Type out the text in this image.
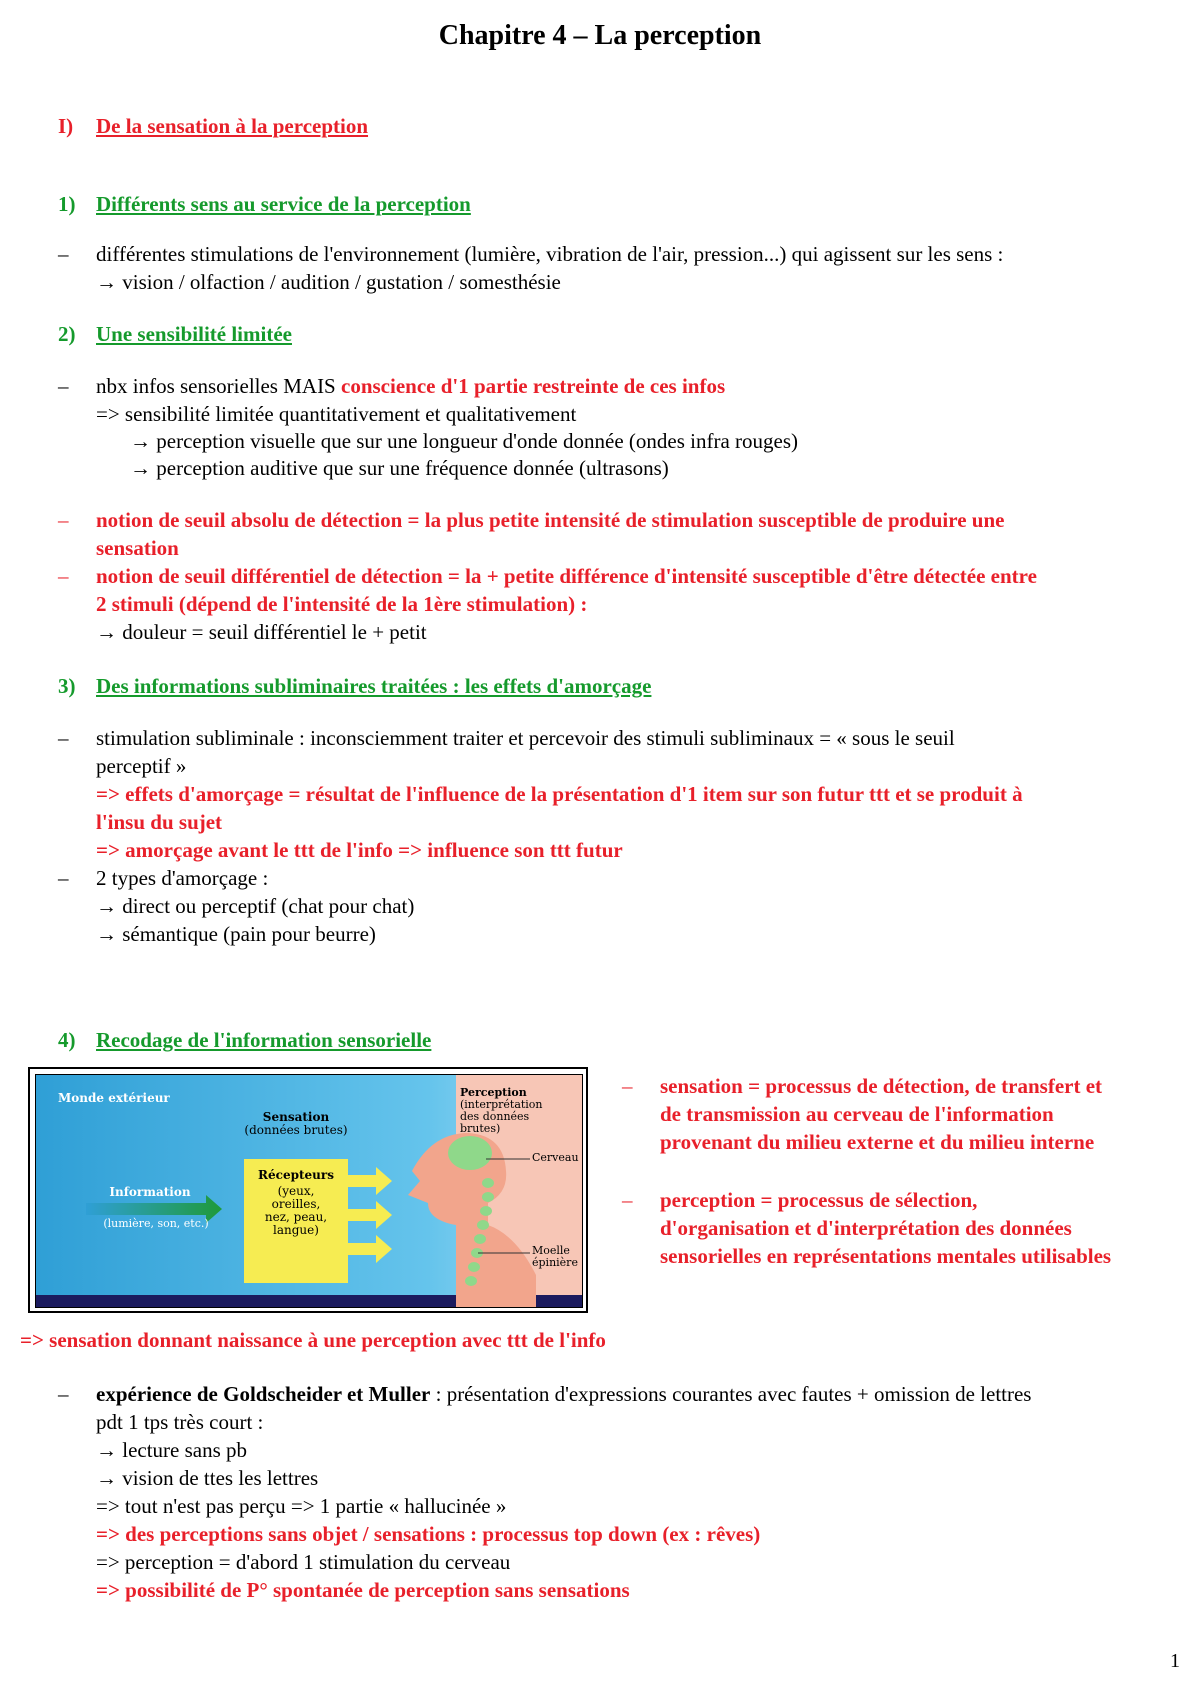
Chapitre 4 – La perception
I) De la sensation à la perception
1) Différents sens au service de la perception
– différentes stimulations de l'environnement (lumière, vibration de l'air, pression...) qui agissent sur les sens :
→ vision / olfaction / audition / gustation / somesthésie
2) Une sensibilité limitée
– nbx infos sensorielles MAIS conscience d'1 partie restreinte de ces infos
=> sensibilité limitée quantitativement et qualitativement
→ perception visuelle que sur une longueur d'onde donnée (ondes infra rouges)
→ perception auditive que sur une fréquence donnée (ultrasons)
– notion de seuil absolu de détection = la plus petite intensité de stimulation susceptible de produire une
sensation
– notion de seuil différentiel de détection = la + petite différence d'intensité susceptible d'être détectée entre
2 stimuli (dépend de l'intensité de la 1ère stimulation) :
→ douleur = seuil différentiel le + petit
3) Des informations subliminaires traitées : les effets d'amorçage
– stimulation subliminale : inconsciemment traiter et percevoir des stimuli subliminaux = « sous le seuil
perceptif »
=> effets d'amorçage = résultat de l'influence de la présentation d'1 item sur son futur ttt et se produit à
l'insu du sujet
=> amorçage avant le ttt de l'info => influence son ttt futur
– 2 types d'amorçage :
→ direct ou perceptif (chat pour chat)
→ sémantique (pain pour beurre)
4) Recodage de l'information sensorielle
Monde extérieur
Sensation
(données brutes)
Perception
(interprétation
des données
brutes)
Cerveau
Récepteurs
(yeux,
oreilles,
nez, peau,
langue)
Information
(lumière, son, etc.)
Moelle
épinière
– sensation = processus de détection, de transfert et
de transmission au cerveau de l'information
provenant du milieu externe et du milieu interne
– perception = processus de sélection,
d'organisation et d'interprétation des données
sensorielles en représentations mentales utilisables
=> sensation donnant naissance à une perception avec ttt de l'info
– expérience de Goldscheider et Muller : présentation d'expressions courantes avec fautes + omission de lettres
pdt 1 tps très court :
→ lecture sans pb
→ vision de ttes les lettres
=> tout n'est pas perçu => 1 partie « hallucinée »
=> des perceptions sans objet / sensations : processus top down (ex : rêves)
=> perception = d'abord 1 stimulation du cerveau
=> possibilité de P° spontanée de perception sans sensations
1
